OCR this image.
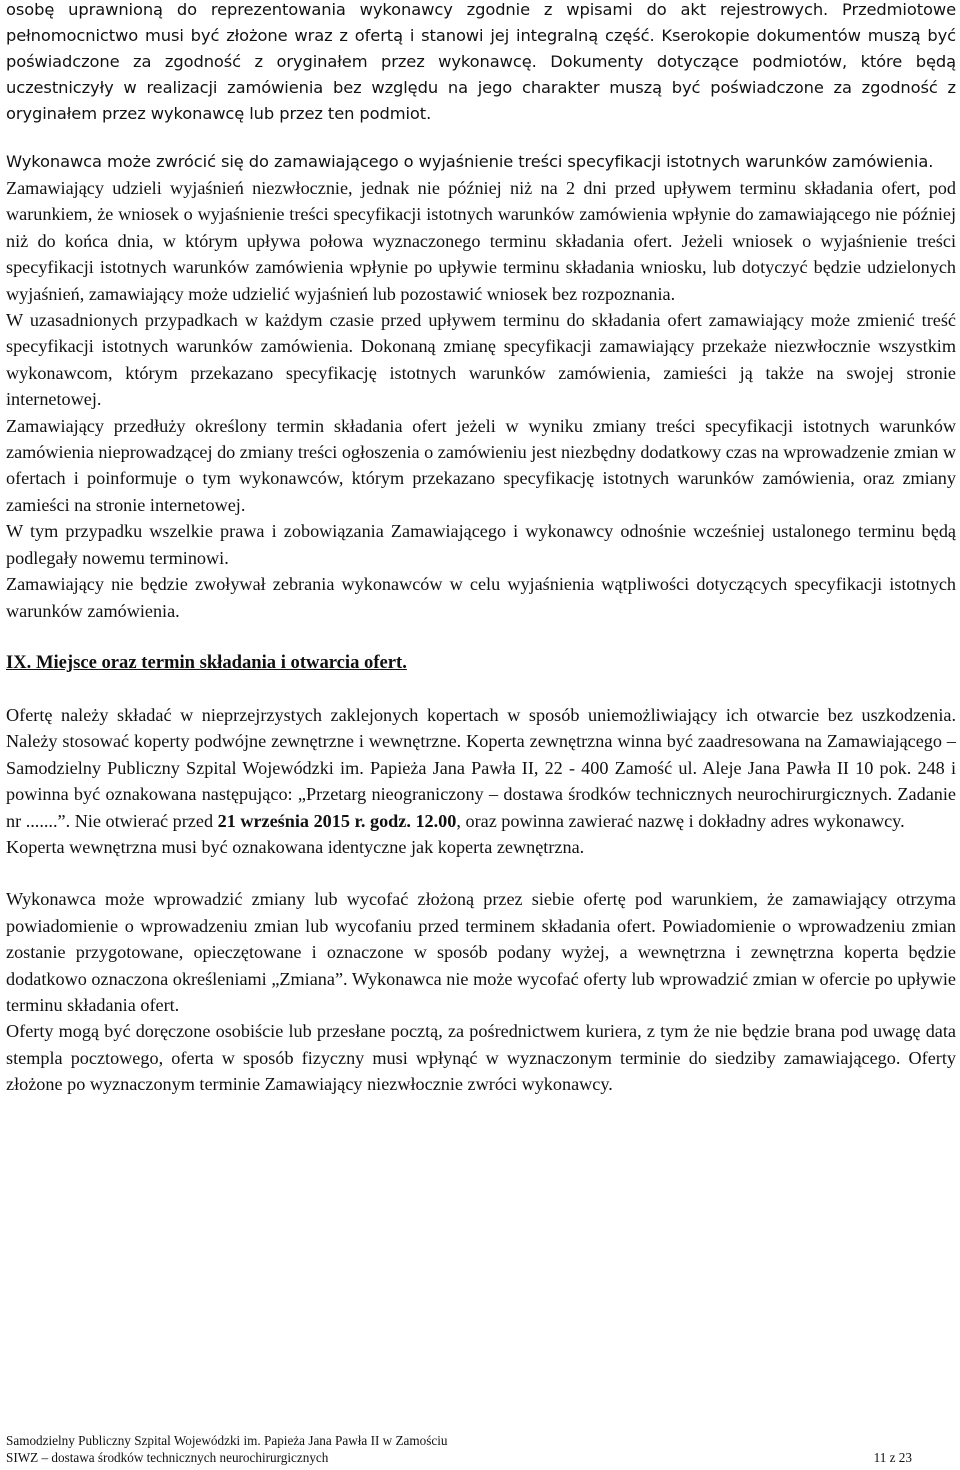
osobę uprawnioną do reprezentowania wykonawcy zgodnie z wpisami do akt rejestrowych. Przedmiotowe pełnomocnictwo musi być złożone wraz z ofertą i stanowi jej integralną część. Kserokopie dokumentów muszą być poświadczone za zgodność z oryginałem przez wykonawcę. Dokumenty dotyczące podmiotów, które będą uczestniczyły w realizacji zamówienia bez względu na jego charakter muszą być poświadczone za zgodność z oryginałem przez wykonawcę lub przez ten podmiot.

Wykonawca może zwrócić się do zamawiającego o wyjaśnienie treści specyfikacji istotnych warunków zamówienia.

Zamawiający udzieli wyjaśnień niezwłocznie, jednak nie później niż na 2 dni przed upływem terminu składania ofert, pod warunkiem, że wniosek o wyjaśnienie treści specyfikacji istotnych warunków zamówienia wpłynie do zamawiającego nie później niż do końca dnia, w którym upływa połowa wyznaczonego terminu składania ofert. Jeżeli wniosek o wyjaśnienie treści specyfikacji istotnych warunków zamówienia wpłynie po upływie terminu składania wniosku, lub dotyczyć będzie udzielonych wyjaśnień, zamawiający może udzielić wyjaśnień lub pozostawić wniosek bez rozpoznania.

W uzasadnionych przypadkach w każdym czasie przed upływem terminu do składania ofert zamawiający może zmienić treść specyfikacji istotnych warunków zamówienia. Dokonaną zmianę specyfikacji zamawiający przekaże niezwłocznie wszystkim wykonawcom, którym przekazano specyfikację istotnych warunków zamówienia, zamieści ją także na swojej stronie internetowej.

Zamawiający przedłuży określony termin składania ofert jeżeli w wyniku zmiany treści specyfikacji istotnych warunków zamówienia nieprowadzącej do zmiany treści ogłoszenia o zamówieniu jest niezbędny dodatkowy czas na wprowadzenie zmian w ofertach i poinformuje o tym wykonawców, którym przekazano specyfikację istotnych warunków zamówienia, oraz zmiany zamieści na stronie internetowej.

W tym przypadku wszelkie prawa i zobowiązania Zamawiającego i wykonawcy odnośnie wcześniej ustalonego terminu będą podlegały nowemu terminowi.

Zamawiający nie będzie zwoływał zebrania wykonawców w celu wyjaśnienia wątpliwości dotyczących specyfikacji istotnych warunków zamówienia.

IX. Miejsce oraz termin składania i otwarcia ofert.

Ofertę należy składać w nieprzejrzystych zaklejonych kopertach w sposób uniemożliwiający ich otwarcie bez uszkodzenia. Należy stosować koperty podwójne zewnętrzne i wewnętrzne. Koperta zewnętrzna winna być zaadresowana na Zamawiającego – Samodzielny Publiczny Szpital Wojewódzki im. Papieża Jana Pawła II, 22 - 400 Zamość ul. Aleje Jana Pawła II 10 pok. 248 i powinna być oznakowana następująco: „Przetarg nieograniczony – dostawa środków technicznych neurochirurgicznych. Zadanie nr .......”. Nie otwierać przed 21 września 2015 r. godz. 12.00, oraz powinna zawierać nazwę i dokładny adres wykonawcy.

Koperta wewnętrzna musi być oznakowana identyczne jak koperta zewnętrzna.

Wykonawca może wprowadzić zmiany lub wycofać złożoną przez siebie ofertę pod warunkiem, że zamawiający otrzyma powiadomienie o wprowadzeniu zmian lub wycofaniu przed terminem składania ofert. Powiadomienie o wprowadzeniu zmian zostanie przygotowane, opieczętowane i oznaczone w sposób podany wyżej, a wewnętrzna i zewnętrzna koperta będzie dodatkowo oznaczona określeniami „Zmiana”. Wykonawca nie może wycofać oferty lub wprowadzić zmian w ofercie po upływie terminu składania ofert.

Oferty mogą być doręczone osobiście lub przesłane pocztą, za pośrednictwem kuriera, z tym że nie będzie brana pod uwagę data stempla pocztowego, oferta w sposób fizyczny musi wpłynąć w wyznaczonym terminie do siedziby zamawiającego. Oferty złożone po wyznaczonym terminie Zamawiający niezwłocznie zwróci wykonawcy.

Samodzielny Publiczny Szpital Wojewódzki im. Papieża Jana Pawła II w Zamościu
SIWZ – dostawa środków technicznych neurochirurgicznych	11 z 23
